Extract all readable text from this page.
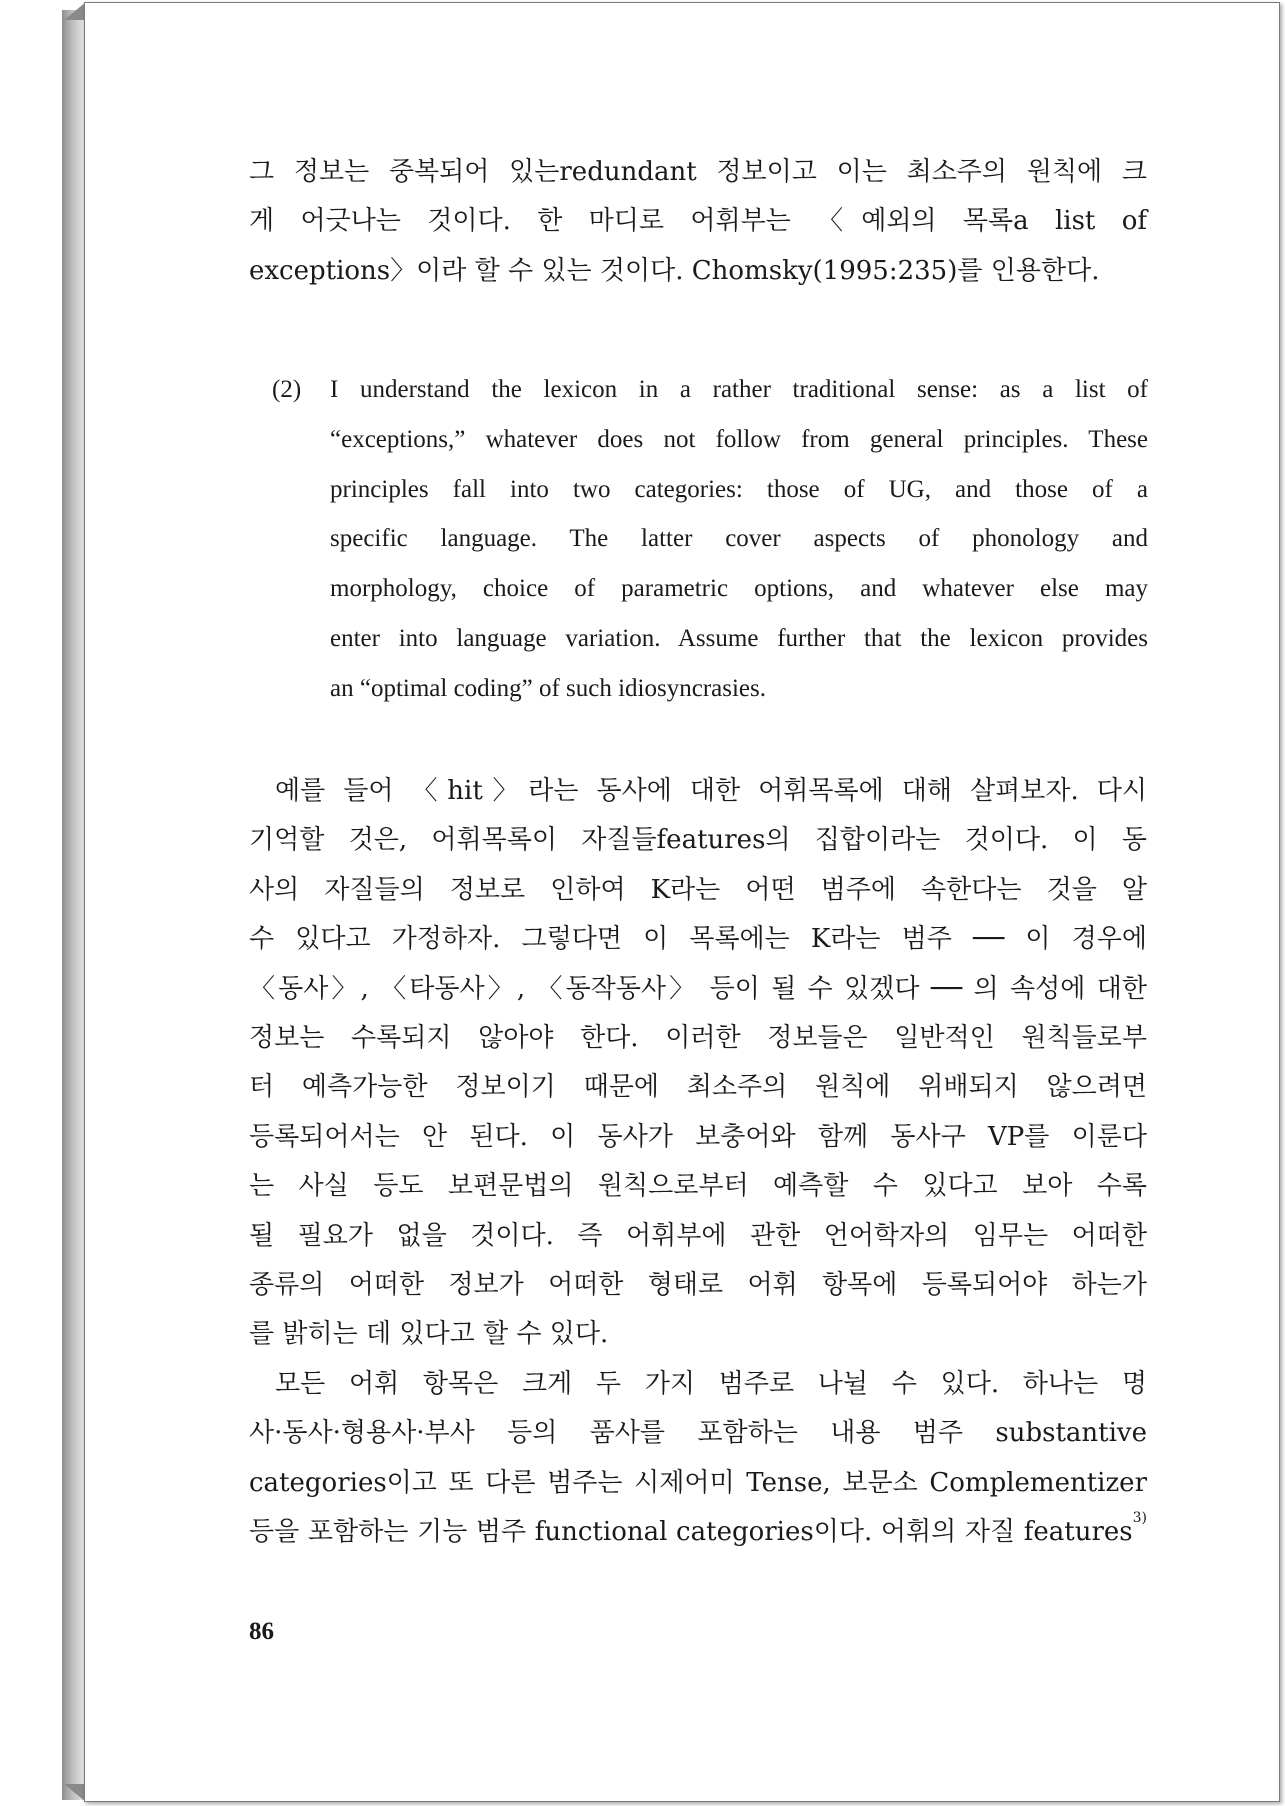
그 정보는 중복되어 있는redundant 정보이고 이는 최소주의 원칙에 크
게 어긋나는 것이다. 한 마디로 어휘부는 〈예외의 목록a list of
exceptions〉이라 할 수 있는 것이다. Chomsky(1995:235)를 인용한다.
(2) I understand the lexicon in a rather traditional sense: as a list of
“exceptions,” whatever does not follow from general principles. These
principles fall into two categories: those of UG, and those of a
specific language. The latter cover aspects of phonology and
morphology, choice of parametric options, and whatever else may
enter into language variation. Assume further that the lexicon provides
an “optimal coding” of such idiosyncrasies.
예를 들어 〈hit〉라는 동사에 대한 어휘목록에 대해 살펴보자. 다시
기억할 것은, 어휘목록이 자질들features의 집합이라는 것이다. 이 동
사의 자질들의 정보로 인하여 K라는 어떤 범주에 속한다는 것을 알
수 있다고 가정하자. 그렇다면 이 목록에는 K라는 범주 ── 이 경우에
〈동사〉, 〈타동사〉, 〈동작동사〉 등이 될 수 있겠다 ── 의 속성에 대한
정보는 수록되지 않아야 한다. 이러한 정보들은 일반적인 원칙들로부
터 예측가능한 정보이기 때문에 최소주의 원칙에 위배되지 않으려면
등록되어서는 안 된다. 이 동사가 보충어와 함께 동사구 VP를 이룬다
는 사실 등도 보편문법의 원칙으로부터 예측할 수 있다고 보아 수록
될 필요가 없을 것이다. 즉 어휘부에 관한 언어학자의 임무는 어떠한
종류의 어떠한 정보가 어떠한 형태로 어휘 항목에 등록되어야 하는가
를 밝히는 데 있다고 할 수 있다.
모든 어휘 항목은 크게 두 가지 범주로 나뉠 수 있다. 하나는 명
사·동사·형용사·부사 등의 품사를 포함하는 내용 범주 substantive
categories이고 또 다른 범주는 시제어미 Tense, 보문소 Complementizer
등을 포함하는 기능 범주 functional categories이다. 어휘의 자질 features$^{3)}$
86
